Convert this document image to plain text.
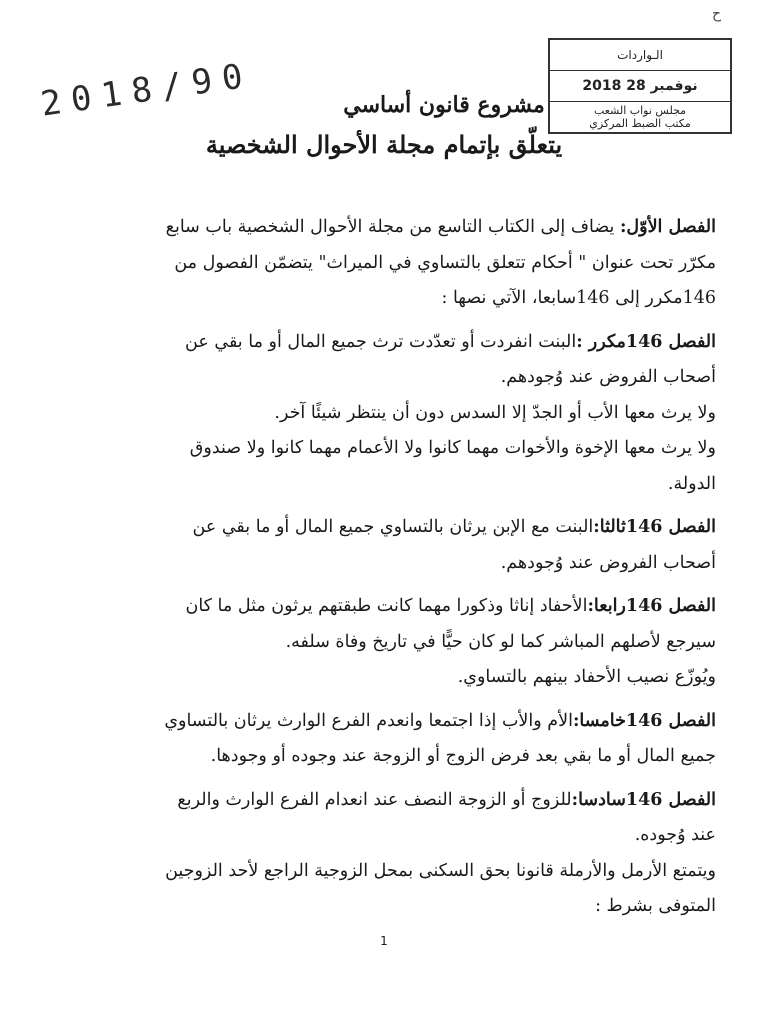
ح
2018/90
الـواردات
2018 نوفمبر 28
مجلس نواب الشعب
مكتب الضبط المركزي
مشروع قانون أساسي
يتعلّق بإتمام مجلة الأحوال الشخصية

الفصل الأوّل: يضاف إلى الكتاب التاسع من مجلة الأحوال الشخصية باب سابع
مكرّر تحت عنوان " أحكام تتعلق بالتساوي في الميراث" يتضمّن الفصول من
146مكرر إلى 146سابعا، الآتي نصها :

الفصل 146مكرر :البنت انفردت أو تعدّدت ترث جميع المال أو ما بقي عن
أصحاب الفروض عند وُجودهم.
ولا يرث معها الأب أو الجدّ إلا السدس دون أن ينتظر شيئًا آخر.
ولا يرث معها الإخوة والأخوات مهما كانوا ولا الأعمام مهما كانوا ولا صندوق
الدولة.

الفصل 146ثالثا:البنت مع الإبن يرثان بالتساوي جميع المال أو ما بقي عن
أصحاب الفروض عند وُجودهم.

الفصل 146رابعا:الأحفاد إناثا وذكورا مهما كانت طبقتهم يرثون مثل ما كان
سيرجع لأصلهم المباشر كما لو كان حيًّا في تاريخ وفاة سلفه.
ويُوزّع نصيب الأحفاد بينهم بالتساوي.

الفصل 146خامسا:الأم والأب إذا اجتمعا وانعدم الفرع الوارث يرثان بالتساوي
جميع المال أو ما بقي بعد فرض الزوج أو الزوجة عند وجوده أو وجودها.

الفصل 146سادسا:للزوج أو الزوجة النصف عند انعدام الفرع الوارث والربع
عند وُجوده.
ويتمتع الأرمل والأرملة قانونا بحق السكنى بمحل الزوجية الراجع لأحد الزوجين
المتوفى بشرط :

1
